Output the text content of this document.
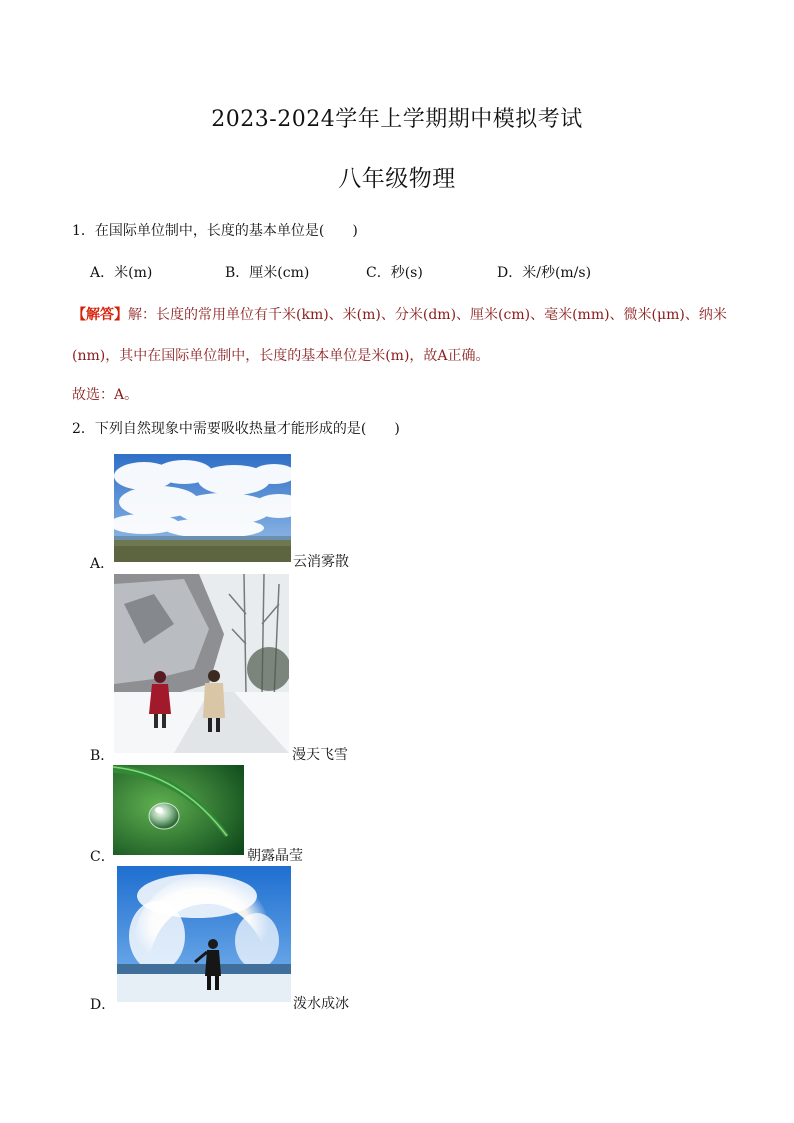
2023-2024学年上学期期中模拟考试
八年级物理
1．在国际单位制中，长度的基本单位是(　　)
A．米(m)	B．厘米(cm)	C．秒(s)	D．米/秒(m/s)
【解答】解：长度的常用单位有千米(km)、米(m)、分米(dm)、厘米(cm)、毫米(mm)、微米(μm)、纳米
(nm)，其中在国际单位制中，长度的基本单位是米(m)，故A正确。
故选：A。
2．下列自然现象中需要吸收热量才能形成的是(　　)
A．	云消雾散
B．	漫天飞雪
C．	朝露晶莹
D．	泼水成冰
